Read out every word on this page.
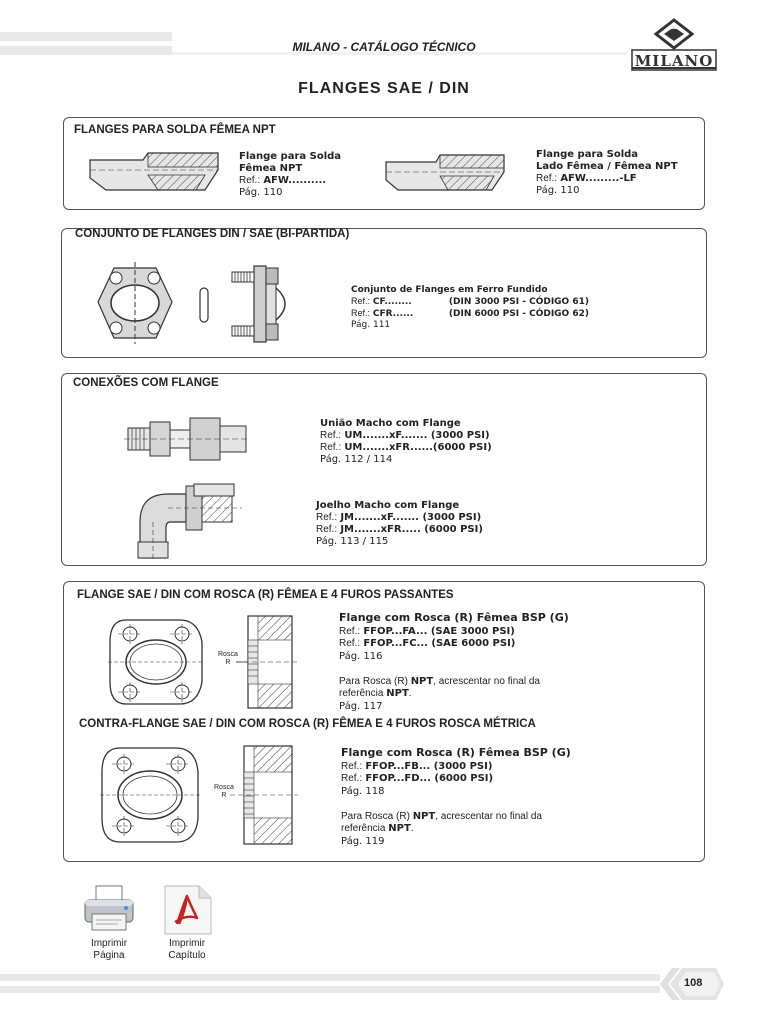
MILANO - CATÁLOGO TÉCNICO
MILANO
FLANGES SAE / DIN
FLANGES PARA SOLDA FÊMEA NPT
Flange para Solda
Fêmea NPT
Ref.: AFW..........
Pág. 110
Flange para Solda
Lado Fêmea / Fêmea NPT
Ref.: AFW.........-LF
Pág. 110
CONJUNTO DE FLANGES DIN / SAE (BI-PARTIDA)
Conjunto de Flanges em Ferro Fundido
Ref.: CF........	(DIN 3000 PSI - CÓDIGO 61)
Ref.: CFR......	(DIN 6000 PSI - CÓDIGO 62)
Pág. 111
CONEXÕES COM FLANGE
União Macho com Flange
Ref.: UM.......xF....... (3000 PSI)
Ref.: UM.......xFR......(6000 PSI)
Pág. 112 / 114
Joelho Macho com Flange
Ref.: JM.......xF....... (3000 PSI)
Ref.: JM.......xFR..... (6000 PSI)
Pág. 113 / 115
FLANGE SAE / DIN COM ROSCA (R) FÊMEA E 4 FUROS PASSANTES
Rosca
R
Flange com Rosca (R) Fêmea BSP (G)
Ref.: FFOP...FA... (SAE 3000 PSI)
Ref.: FFOP...FC... (SAE 6000 PSI)
Pág. 116

Para Rosca (R) NPT, acrescentar no final da
referência NPT.
Pág. 117
CONTRA-FLANGE SAE / DIN COM ROSCA (R) FÊMEA E 4 FUROS ROSCA MÉTRICA
Rosca
R
Flange com Rosca (R) Fêmea BSP (G)
Ref.: FFOP...FB... (3000 PSI)
Ref.: FFOP...FD... (6000 PSI)
Pág. 118

Para Rosca (R) NPT, acrescentar no final da
referência NPT.
Pág. 119
Imprimir
Página
Imprimir
Capítulo
108
